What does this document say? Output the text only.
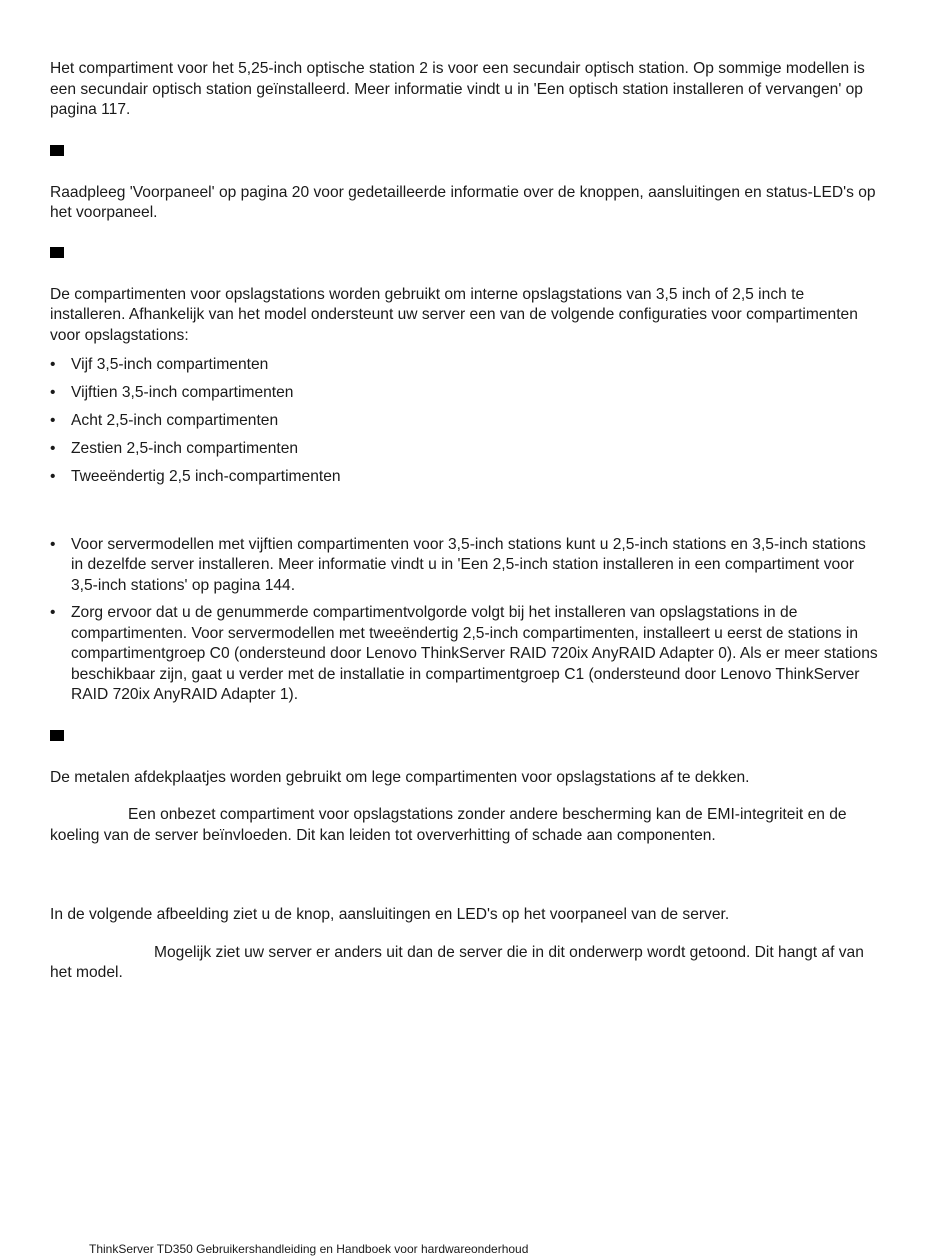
Het compartiment voor het 5,25-inch optische station 2 is voor een secundair optisch station. Op sommige modellen is een secundair optisch station geïnstalleerd. Meer informatie vindt u in 'Een optisch station installeren of vervangen' op pagina 117.

Raadpleeg 'Voorpaneel' op pagina 20 voor gedetailleerde informatie over de knoppen, aansluitingen en status-LED's op het voorpaneel.

De compartimenten voor opslagstations worden gebruikt om interne opslagstations van 3,5 inch of 2,5 inch te installeren. Afhankelijk van het model ondersteunt uw server een van de volgende configuraties voor compartimenten voor opslagstations:

• Vijf 3,5-inch compartimenten
• Vijftien 3,5-inch compartimenten
• Acht 2,5-inch compartimenten
• Zestien 2,5-inch compartimenten
• Tweeëndertig 2,5 inch-compartimenten
• Voor servermodellen met vijftien compartimenten voor 3,5-inch stations kunt u 2,5-inch stations en 3,5-inch stations in dezelfde server installeren. Meer informatie vindt u in 'Een 2,5-inch station installeren in een compartiment voor 3,5-inch stations' op pagina 144.
• Zorg ervoor dat u de genummerde compartimentvolgorde volgt bij het installeren van opslagstations in de compartimenten. Voor servermodellen met tweeëndertig 2,5-inch compartimenten, installeert u eerst de stations in compartimentgroep C0 (ondersteund door Lenovo ThinkServer RAID 720ix AnyRAID Adapter 0). Als er meer stations beschikbaar zijn, gaat u verder met de installatie in compartimentgroep C1 (ondersteund door Lenovo ThinkServer RAID 720ix AnyRAID Adapter 1).

De metalen afdekplaatjes worden gebruikt om lege compartimenten voor opslagstations af te dekken.

Een onbezet compartiment voor opslagstations zonder andere bescherming kan de EMI-integriteit en de koeling van de server beïnvloeden. Dit kan leiden tot oververhitting of schade aan componenten.

In de volgende afbeelding ziet u de knop, aansluitingen en LED's op het voorpaneel van de server.

Mogelijk ziet uw server er anders uit dan de server die in dit onderwerp wordt getoond. Dit hangt af van het model.

ThinkServer TD350 Gebruikershandleiding en Handboek voor hardwareonderhoud
